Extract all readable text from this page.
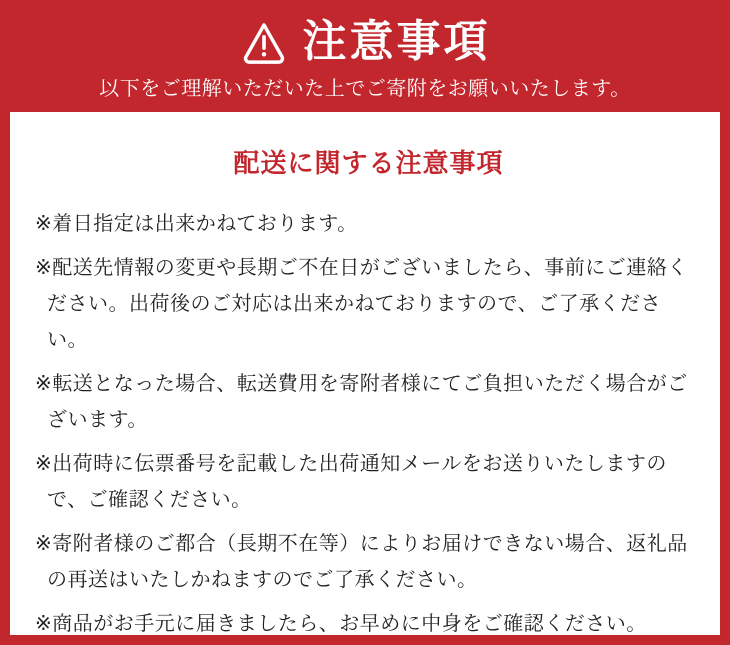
注意事項

以下をご理解いただいた上でご寄附をお願いいたします。

配送に関する注意事項
※着日指定は出来かねております。
※配送先情報の変更や長期ご不在日がございましたら、事前にご連絡ください。出荷後のご対応は出来かねておりますので、ご了承ください。
※転送となった場合、転送費用を寄附者様にてご負担いただく場合がございます。
※出荷時に伝票番号を記載した出荷通知メールをお送りいたしますので、ご確認ください。
※寄附者様のご都合（長期不在等）によりお届けできない場合、返礼品の再送はいたしかねますのでご了承ください。
※商品がお手元に届きましたら、お早めに中身をご確認ください。
